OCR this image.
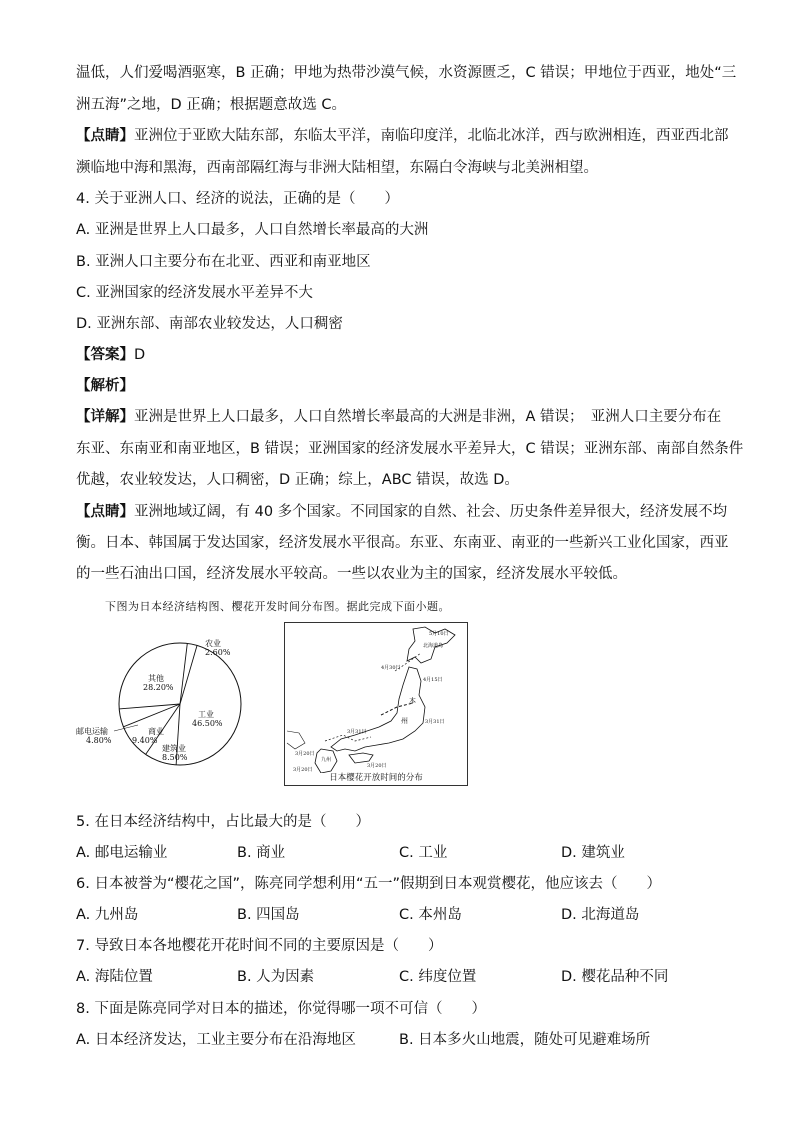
温低，人们爱喝酒驱寒，B 正确；甲地为热带沙漠气候，水资源匮乏，C 错误；甲地位于西亚，地处“三
洲五海”之地，D 正确；根据题意故选 C。
【点睛】亚洲位于亚欧大陆东部，东临太平洋，南临印度洋，北临北冰洋，西与欧洲相连，西亚西北部
濒临地中海和黑海，西南部隔红海与非洲大陆相望，东隔白令海峡与北美洲相望。
4. 关于亚洲人口、经济的说法，正确的是（　　）
A. 亚洲是世界上人口最多，人口自然增长率最高的大洲
B. 亚洲人口主要分布在北亚、西亚和南亚地区
C. 亚洲国家的经济发展水平差异不大
D. 亚洲东部、南部农业较发达，人口稠密
【答案】D
【解析】
【详解】亚洲是世界上人口最多，人口自然增长率最高的大洲是非洲，A 错误；　亚洲人口主要分布在
东亚、东南亚和南亚地区，B 错误；亚洲国家的经济发展水平差异大，C 错误；亚洲东部、南部自然条件
优越，农业较发达，人口稠密，D 正确；综上，ABC 错误，故选 D。
【点睛】亚洲地域辽阔，有 40 多个国家。不同国家的自然、社会、历史条件差异很大，经济发展不均
衡。日本、韩国属于发达国家，经济发展水平很高。东亚、东南亚、南亚的一些新兴工业化国家，西亚
的一些石油出口国，经济发展水平较高。一些以农业为主的国家，经济发展水平较低。
下图为日本经济结构图、樱花开发时间分布图。据此完成下面小题。
农业
2.60%
工业
46.50%
建筑业
8.50%
商业
9.40%
邮电运输
4.80%
其他
28.20%
5月10日
4月30日
4月15日
3月31日
3月31日
3月20日
3月20日
3月20日
北海道岛
本
州
九州
日本樱花开放时间的分布
5. 在日本经济结构中，占比最大的是（　　）
A. 邮电运输业	B. 商业	C. 工业	D. 建筑业
6. 日本被誉为“樱花之国”，陈亮同学想利用“五一”假期到日本观赏樱花，他应该去（　　）
A. 九州岛	B. 四国岛	C. 本州岛	D. 北海道岛
7. 导致日本各地樱花开花时间不同的主要原因是（　　）
A. 海陆位置	B. 人为因素	C. 纬度位置	D. 樱花品种不同
8. 下面是陈亮同学对日本的描述，你觉得哪一项不可信（　　）
A. 日本经济发达，工业主要分布在沿海地区	B. 日本多火山地震，随处可见避难场所
